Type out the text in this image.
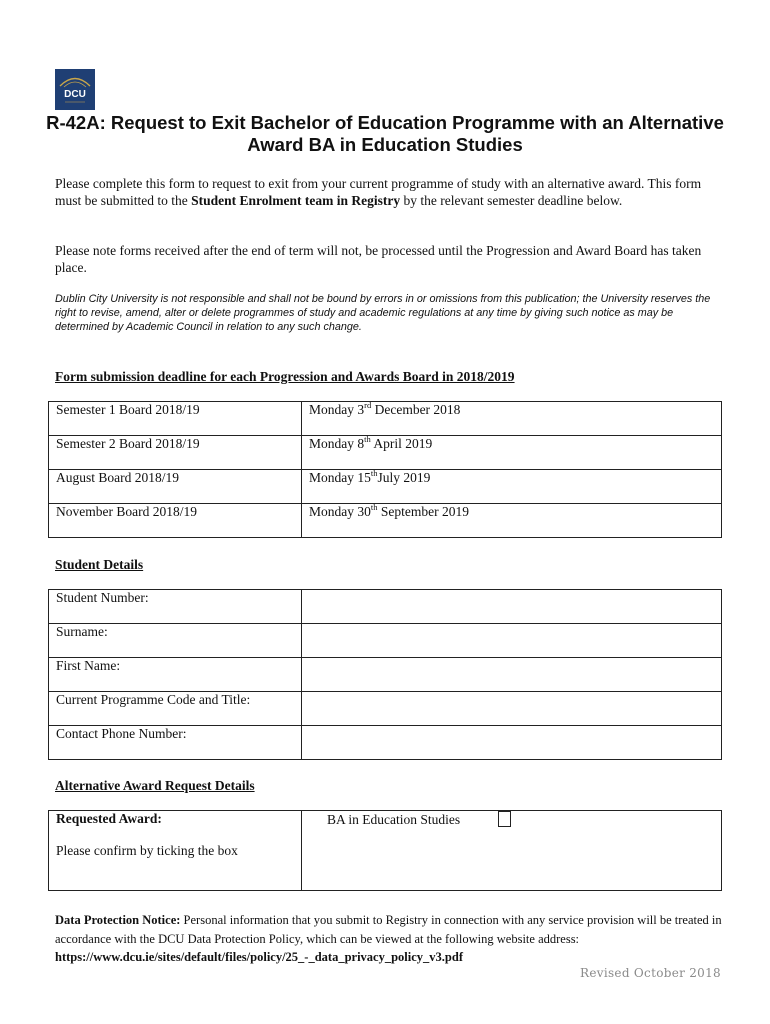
DCU
R-42A: Request to Exit Bachelor of Education Programme with an Alternative Award BA in Education Studies

Please complete this form to request to exit from your current programme of study with an alternative award. This form must be submitted to the Student Enrolment team in Registry by the relevant semester deadline below.

Please note forms received after the end of term will not, be processed until the Progression and Award Board has taken place.

Dublin City University is not responsible and shall not be bound by errors in or omissions from this publication; the University reserves the right to revise, amend, alter or delete programmes of study and academic regulations at any time by giving such notice as may be determined by Academic Council in relation to any such change.

Form submission deadline for each Progression and Awards Board in 2018/2019

Semester 1 Board 2018/19	Monday 3rd December 2018
Semester 2 Board 2018/19	Monday 8th April 2019
August Board 2018/19	Monday 15thJuly 2019
November Board 2018/19	Monday 30th September 2019

Student Details

Student Number:	
Surname:	
First Name:	
Current Programme Code and Title:	
Contact Phone Number:	

Alternative Award Request Details

Requested Award:
Please confirm by ticking the box
	BA in Education Studies

Data Protection Notice: Personal information that you submit to Registry in connection with any service provision will be treated in accordance with the DCU Data Protection Policy, which can be viewed at the following website address: https://www.dcu.ie/sites/default/files/policy/25_-_data_privacy_policy_v3.pdf

Revised October 2018
